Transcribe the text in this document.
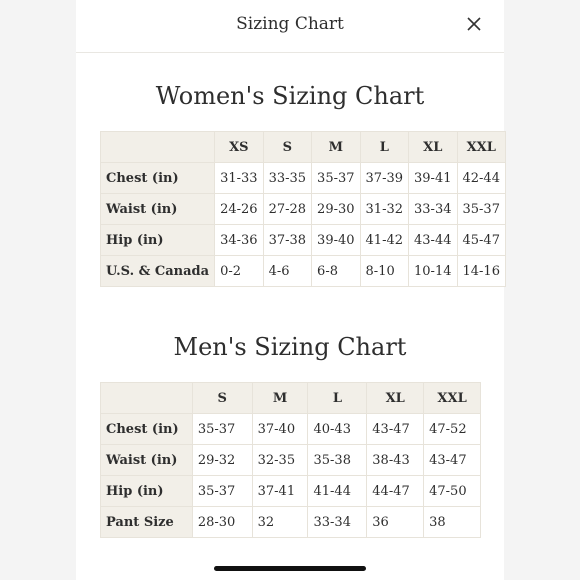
Sizing Chart
Women's Sizing Chart
	XS	S	M	L	XL	XXL
Chest (in)	31-33	33-35	35-37	37-39	39-41	42-44
Waist (in)	24-26	27-28	29-30	31-32	33-34	35-37
Hip (in)	34-36	37-38	39-40	41-42	43-44	45-47
U.S. & Canada	0-2	4-6	6-8	8-10	10-14	14-16
Men's Sizing Chart
	S	M	L	XL	XXL
Chest (in)	35-37	37-40	40-43	43-47	47-52
Waist (in)	29-32	32-35	35-38	38-43	43-47
Hip (in)	35-37	37-41	41-44	44-47	47-50
Pant Size	28-30	32	33-34	36	38
